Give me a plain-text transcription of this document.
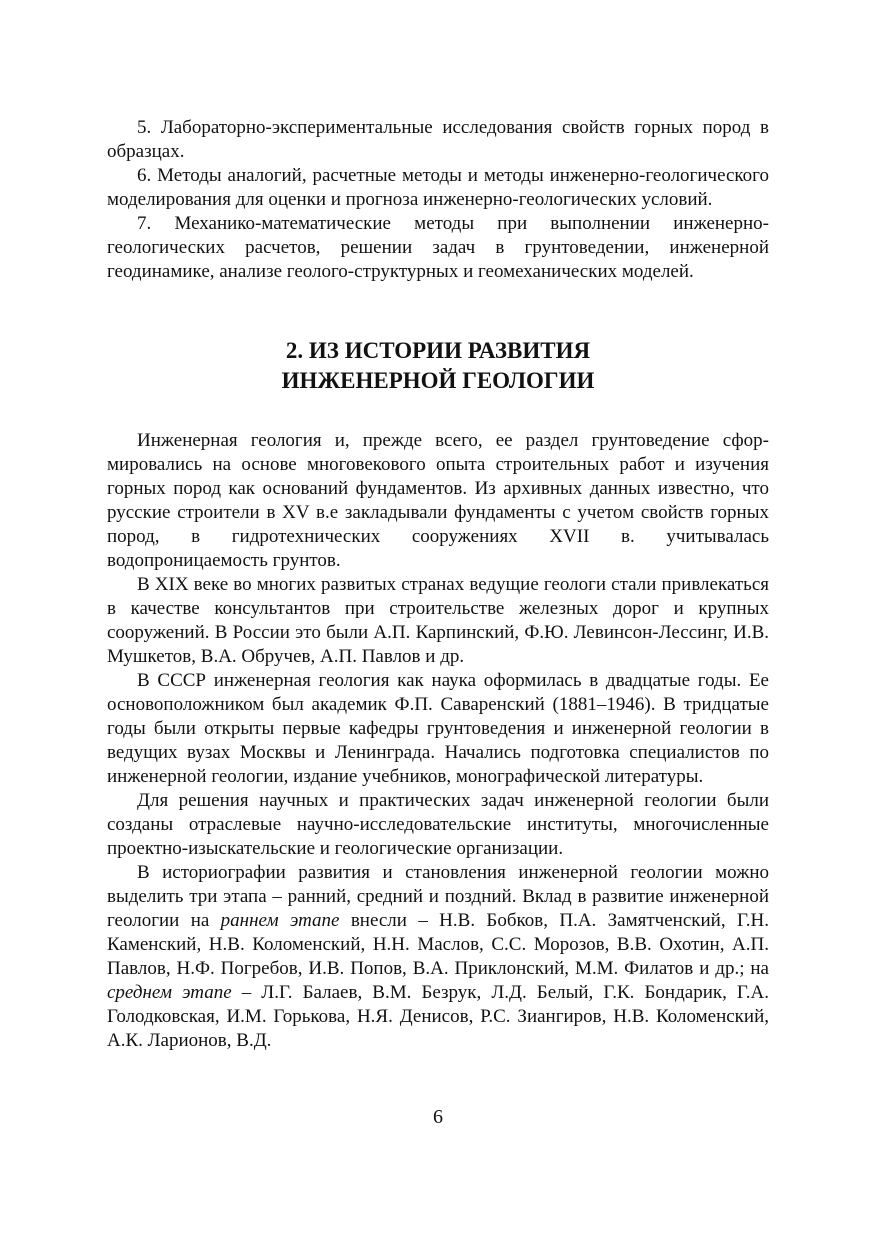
5. Лабораторно-экспериментальные исследования свойств горных пород в образцах.

6. Методы аналогий, расчетные методы и методы инженерно-геологического моделирования для оценки и прогноза инженерно-геологических условий.

7. Механико-математические методы при выполнении инженерно-геологических расчетов, решении задач в грунтоведении, инженерной геодинамике, анализе геолого-структурных и геомеханических моделей.

2. ИЗ ИСТОРИИ РАЗВИТИЯ
ИНЖЕНЕРНОЙ ГЕОЛОГИИ

Инженерная геология и, прежде всего, ее раздел грунтоведение сформировались на основе многовекового опыта строительных работ и изучения горных пород как оснований фундаментов. Из архивных данных известно, что русские строители в XV в.е закладывали фундаменты с учетом свойств горных пород, в гидротехнических сооружениях XVII в. учитывалась водопроницаемость грунтов.

В XIX веке во многих развитых странах ведущие геологи стали привлекаться в качестве консультантов при строительстве железных дорог и крупных сооружений. В России это были А.П. Карпинский, Ф.Ю. Левинсон-Лессинг, И.В. Мушкетов, В.А. Обручев, А.П. Павлов и др.

В СССР инженерная геология как наука оформилась в двадцатые годы. Ее основоположником был академик Ф.П. Саваренский (1881–1946). В тридцатые годы были открыты первые кафедры грунтоведения и инженерной геологии в ведущих вузах Москвы и Ленинграда. Начались подготовка специалистов по инженерной геологии, издание учебников, монографической литературы.

Для решения научных и практических задач инженерной геологии были созданы отраслевые научно-исследовательские институты, многочисленные проектно-изыскательские и геологические организации.

В историографии развития и становления инженерной геологии можно выделить три этапа – ранний, средний и поздний. Вклад в развитие инженерной геологии на раннем этапе внесли – Н.В. Бобков, П.А. Замятченский, Г.Н. Каменский, Н.В. Коломенский, Н.Н. Маслов, С.С. Морозов, В.В. Охотин, А.П. Павлов, Н.Ф. Погребов, И.В. Попов, В.А. Приклонский, М.М. Филатов и др.; на среднем этапе – Л.Г. Балаев, В.М. Безрук, Л.Д. Белый, Г.К. Бондарик, Г.А. Голодковская, И.М. Горькова, Н.Я. Денисов, Р.С. Зиангиров, Н.В. Коломенский, А.К. Ларионов, В.Д.

6
